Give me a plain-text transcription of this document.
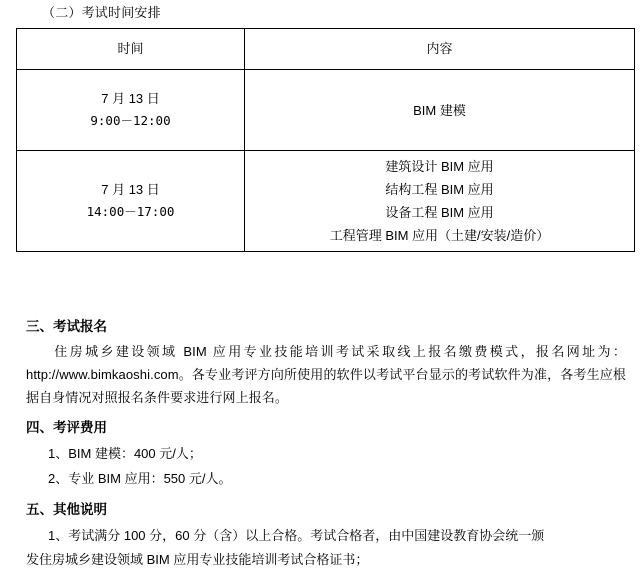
（二）考试时间安排
时间	内容

7 月 13 日
9:00－12:00	BIM 建模

7 月 13 日
14:00－17:00	建筑设计 BIM 应用
结构工程 BIM 应用
设备工程 BIM 应用
工程管理 BIM 应用（土建/安装/造价）
三、考试报名
住房城乡建设领域 BIM 应用专业技能培训考试采取线上报名缴费模式，报名网址为：http://www.bimkaoshi.com。各专业考评方向所使用的软件以考试平台显示的考试软件为准，各考生应根据自身情况对照报名条件要求进行网上报名。
四、考评费用
1、BIM 建模：400 元/人；
2、专业 BIM 应用：550 元/人。
五、其他说明
1、考试满分 100 分，60 分（含）以上合格。考试合格者，由中国建设教育协会统一颁
发住房城乡建设领域 BIM 应用专业技能培训考试合格证书；
